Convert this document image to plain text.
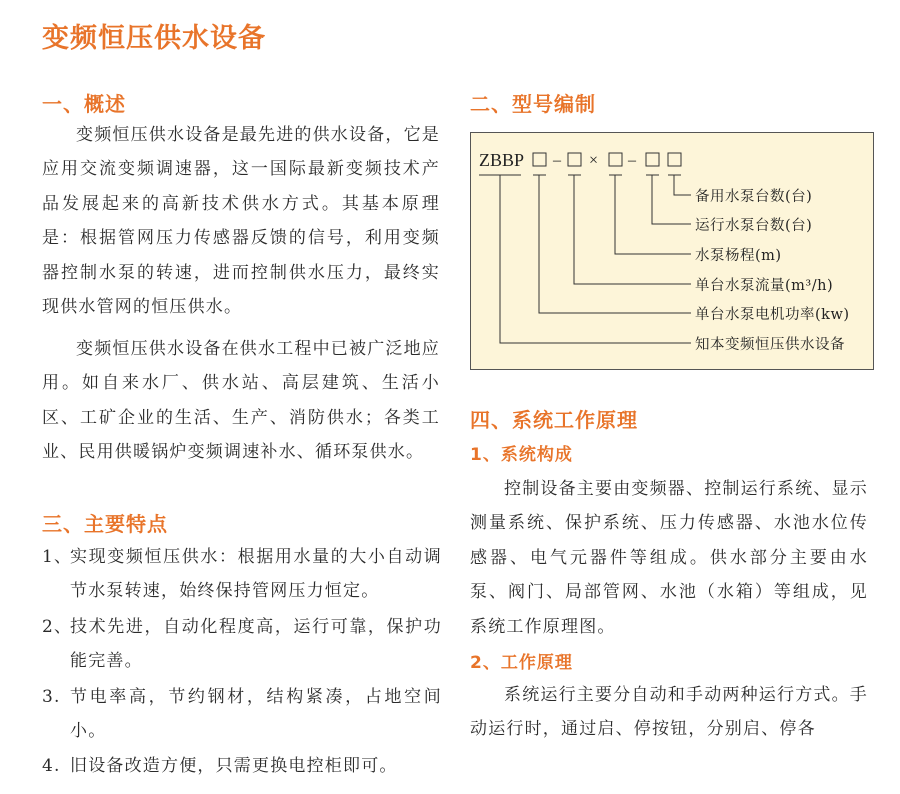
变频恒压供水设备
一、概述

变频恒压供水设备是最先进的供水设备，它是应用交流变频调速器，这一国际最新变频技术产品发展起来的高新技术供水方式。其基本原理是：根据管网压力传感器反馈的信号，利用变频器控制水泵的转速，进而控制供水压力，最终实现供水管网的恒压供水。

变频恒压供水设备在供水工程中已被广泛地应用。如自来水厂、供水站、高层建筑、生活小区、工矿企业的生活、生产、消防供水；各类工业、民用供暖锅炉变频调速补水、循环泵供水。

三、主要特点
1、
实现变频恒压供水：根据用水量的大小自动调节水泵转速，始终保持管网压力恒定。
2、
技术先进，自动化程度高，运行可靠，保护功能完善。
3. 节电率高，节约钢材，结构紧凑，占地空间小。
4. 旧设备改造方便，只需更换电控柜即可。
二、型号编制
ZBBP – × –
备用水泵台数(台)
运行水泵台数(台)
水泵杨程(m)
单台水泵流量(m³/h)
单台水泵电机功率(kw)
知本变频恒压供水设备
四、系统工作原理
1、系统构成

控制设备主要由变频器、控制运行系统、显示测量系统、保护系统、压力传感器、水池水位传感器、电气元器件等组成。供水部分主要由水泵、阀门、局部管网、水池（水箱）等组成，见系统工作原理图。

2、工作原理

系统运行主要分自动和手动两种运行方式。手动运行时，通过启、停按钮，分别启、停各
